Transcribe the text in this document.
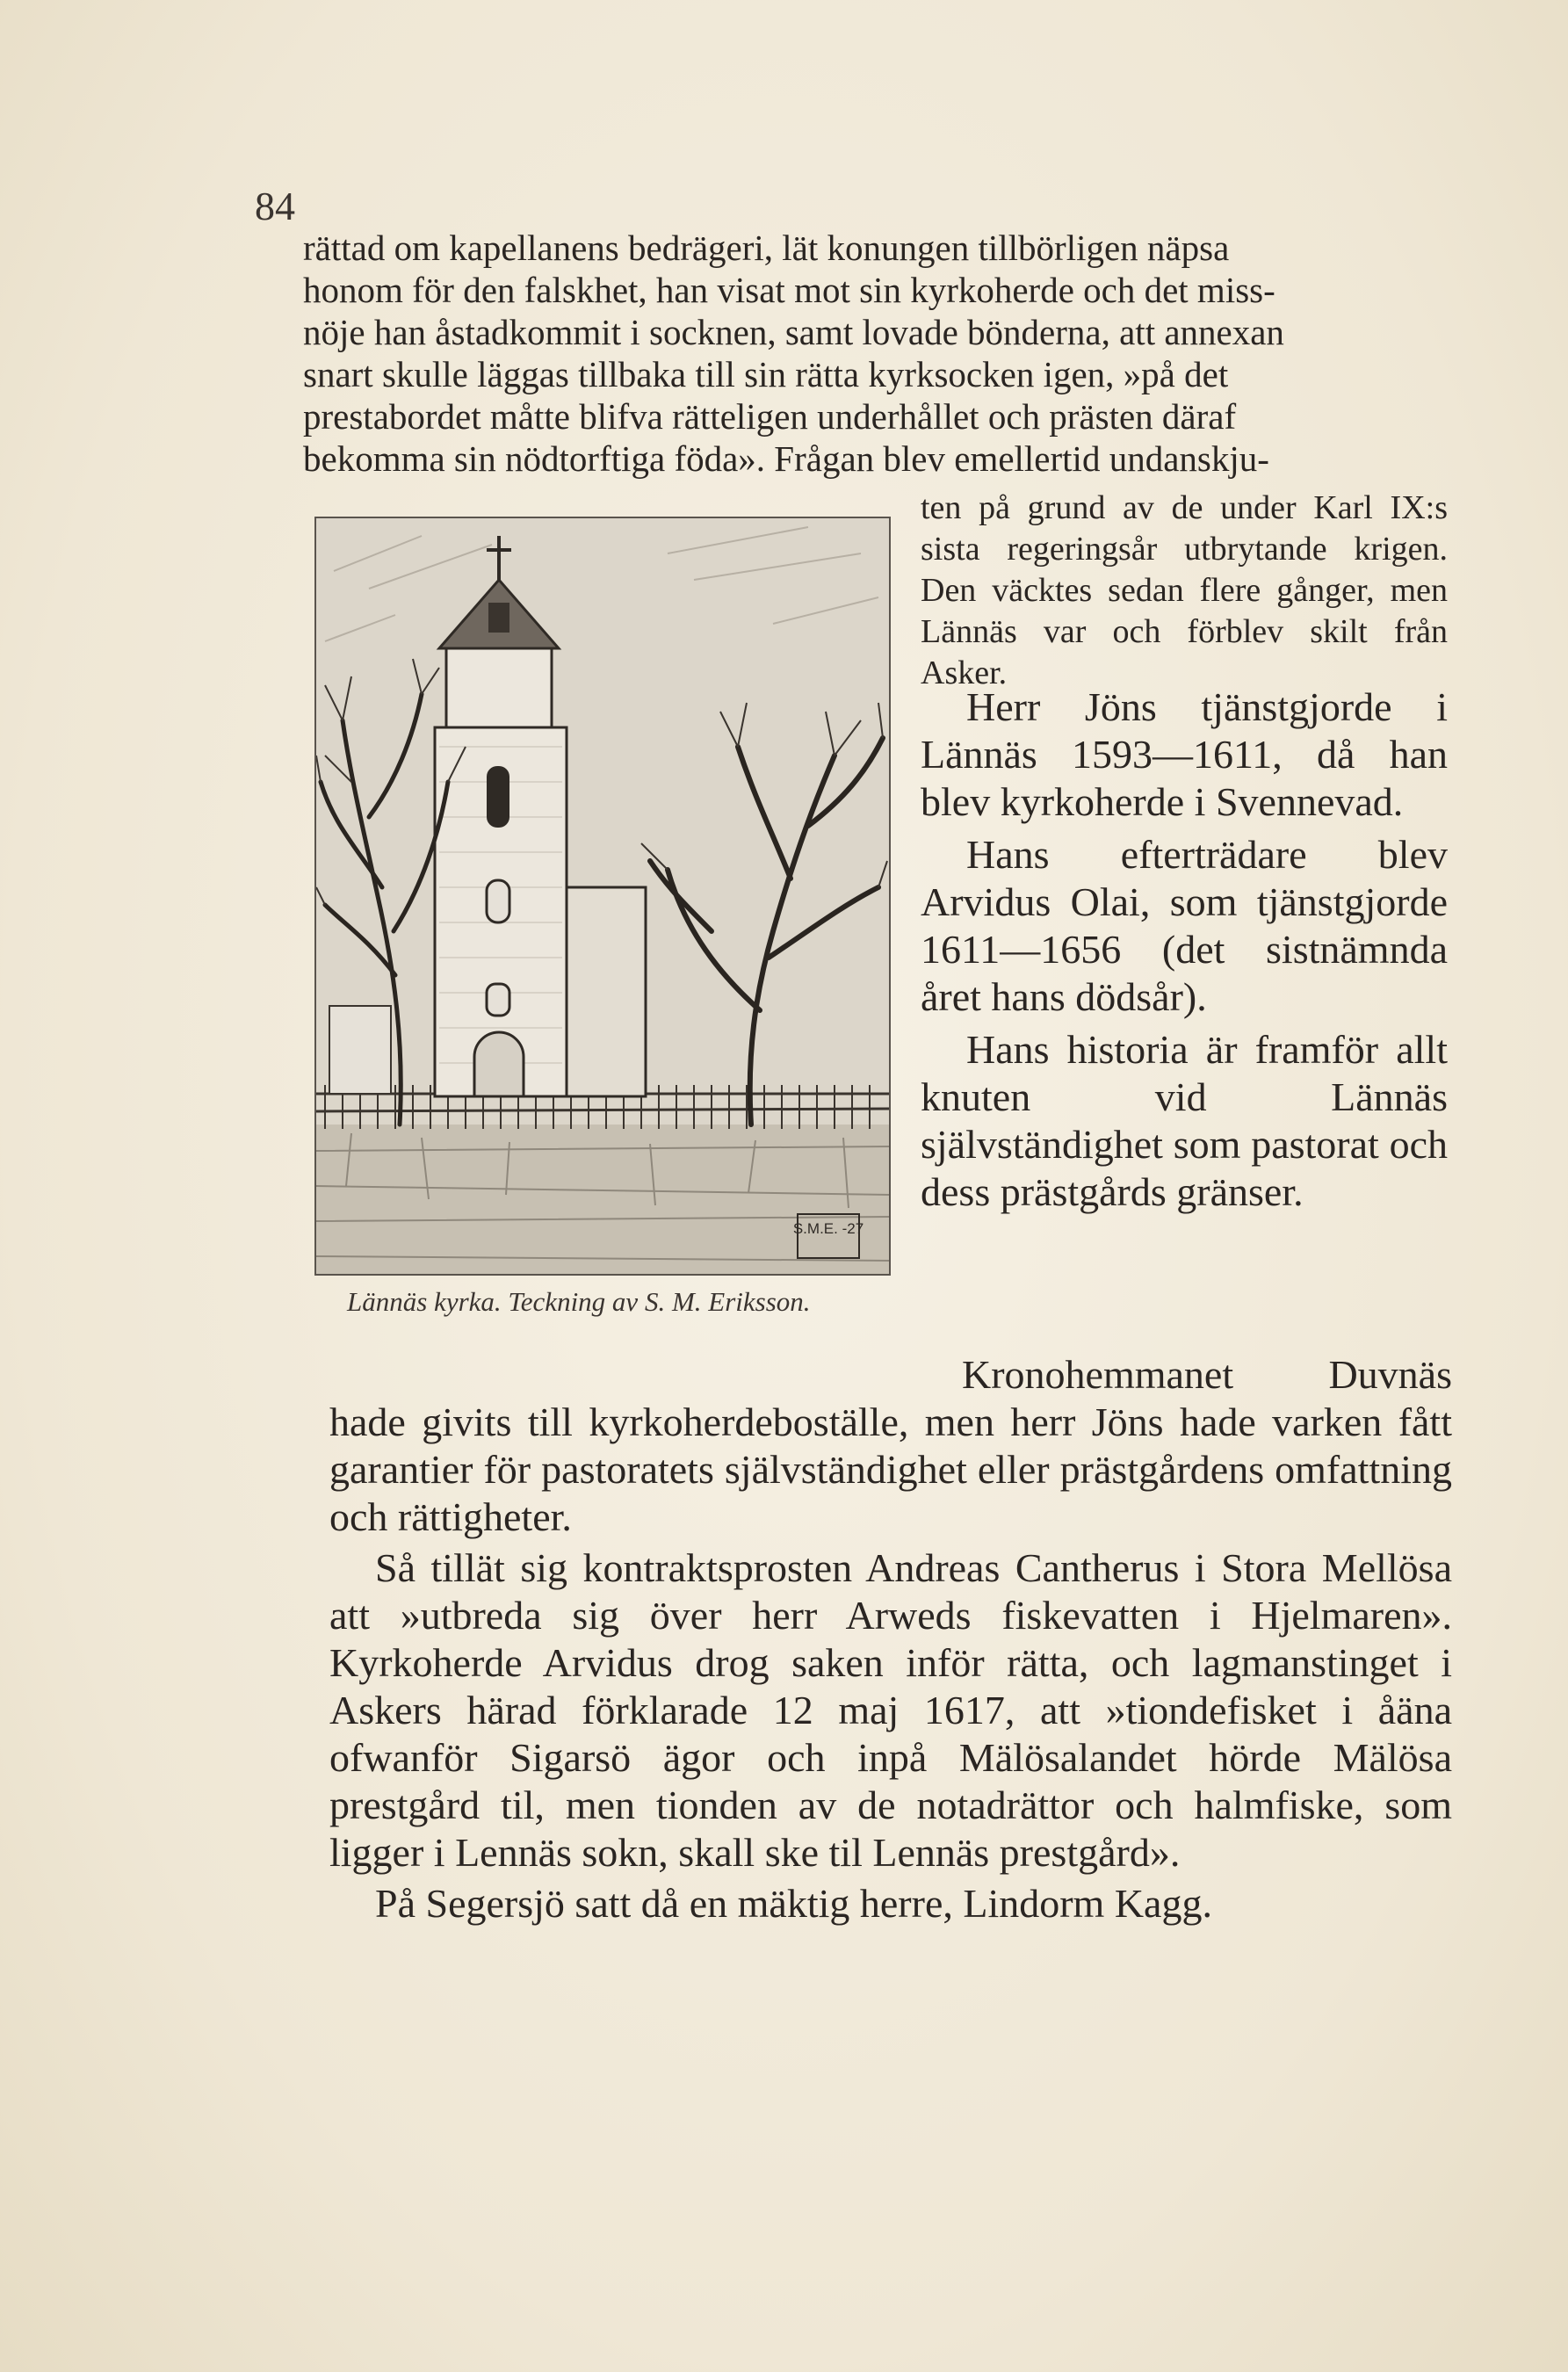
84
rättad om kapellanens bedrägeri, lät konungen tillbörligen näpsa
honom för den falskhet, han visat mot sin kyrkoherde och det miss-
nöje han åstadkommit i socknen, samt lovade bönderna, att annexan
snart skulle läggas tillbaka till sin rätta kyrksocken igen, »på det
prestabordet måtte blifva rätteligen underhållet och prästen däraf
bekomma sin nödtorftiga föda». Frågan blev emellertid undanskju-
S.M.E. -27
Lännäs kyrka. Teckning av S. M. Eriksson.
ten på grund av de under Karl IX:s sista regeringsår utbrytande krigen. Den väcktes sedan flere gånger, men Lännäs var och förblev skilt från Asker.

Herr Jöns tjänstgjorde i Lännäs 1593—1611, då han blev kyrkoherde i Svennevad.

Hans efterträdare blev Arvidus Olai, som tjänstgjorde 1611—1656 (det sistnämnda året hans dödsår).

Hans historia är framför allt knuten vid Lännäs självständighet som pastorat och dess prästgårds gränser.

Kronohemmanet Duvnäs hade givits till kyrkoherdeboställe, men herr Jöns hade varken fått garantier för pastoratets självständighet eller prästgårdens omfattning och rättigheter.

Så tillät sig kontraktsprosten Andreas Cantherus i Stora Mellösa att »utbreda sig över herr Arweds fiskevatten i Hjelmaren». Kyrkoherde Arvidus drog saken inför rätta, och lagmanstinget i Askers härad förklarade 12 maj 1617, att »tiondefisket i åäna ofwanför Sigarsö ägor och inpå Mälösalandet hörde Mälösa prestgård til, men tionden av de notadrättor och halmfiske, som ligger i Lennäs sokn, skall ske til Lennäs prestgård».

På Segersjö satt då en mäktig herre, Lindorm Kagg.
